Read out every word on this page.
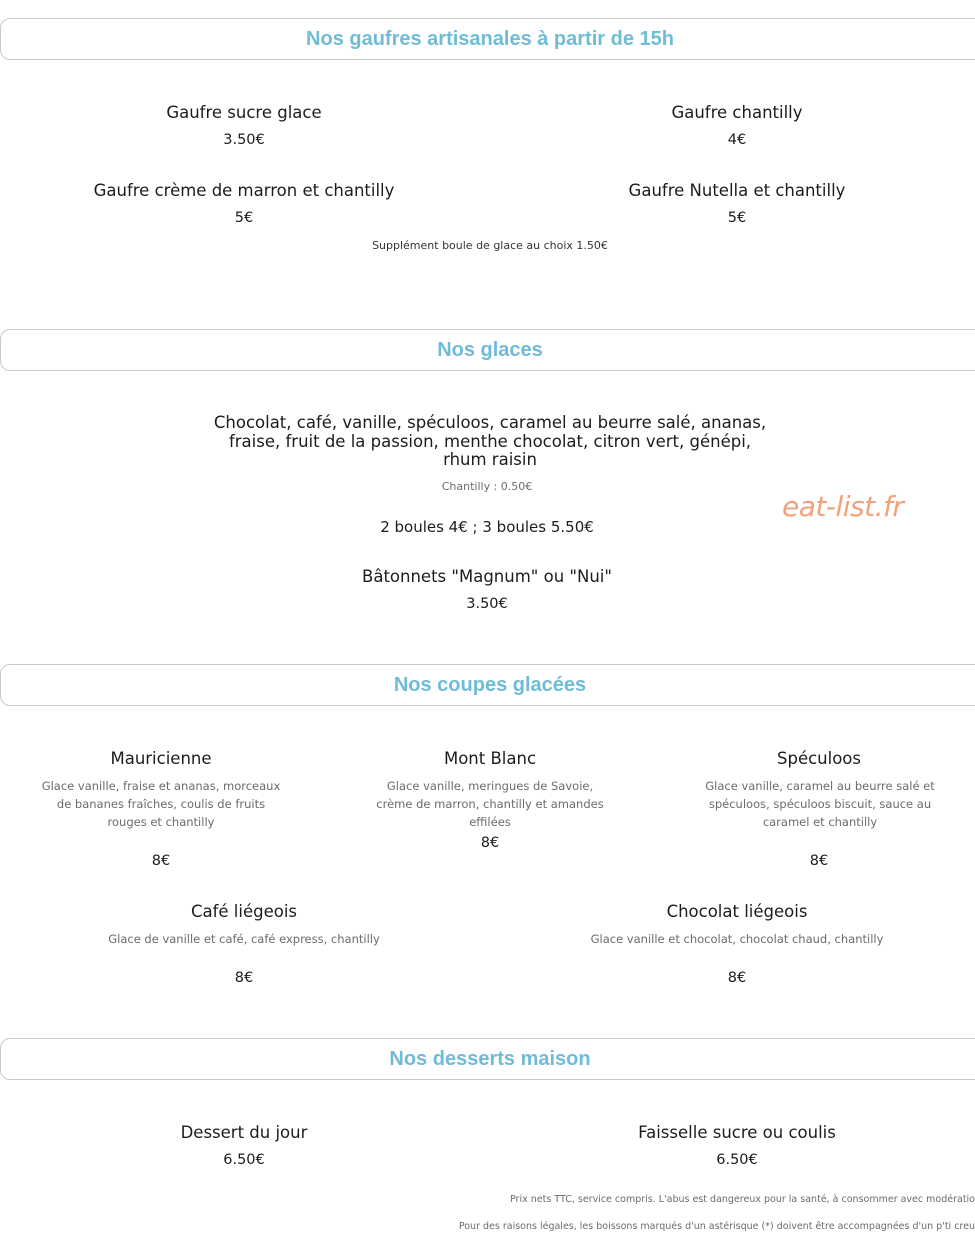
Nos gaufres artisanales à partir de 15h
Gaufre sucre glace
3.50€
Gaufre chantilly
4€
Gaufre crème de marron et chantilly
5€
Gaufre Nutella et chantilly
5€
Supplément boule de glace au choix 1.50€
Nos glaces
Chocolat, café, vanille, spéculoos, caramel au beurre salé, ananas, fraise, fruit de la passion, menthe chocolat, citron vert, génépi, rhum raisin
Chantilly : 0.50€
2 boules 4€ ; 3 boules 5.50€
Bâtonnets "Magnum" ou "Nui"
3.50€
eat-list.fr
Nos coupes glacées
Mauricienne
Glace vanille, fraise et ananas, morceaux de bananes fraîches, coulis de fruits rouges et chantilly
8€
Mont Blanc
Glace vanille, meringues de Savoie, crème de marron, chantilly et amandes effilées
8€
Spéculoos
Glace vanille, caramel au beurre salé et spéculoos, spéculoos biscuit, sauce au caramel et chantilly
8€
Café liégeois
Glace de vanille et café, café express, chantilly
8€
Chocolat liégeois
Glace vanille et chocolat, chocolat chaud, chantilly
8€
Nos desserts maison
Dessert du jour
6.50€
Faisselle sucre ou coulis
6.50€
Prix nets TTC, service compris. L'abus est dangereux pour la santé, à consommer avec modératio
Pour des raisons légales, les boissons marqués d'un astérisque (*) doivent être accompagnées d'un p'ti creu
